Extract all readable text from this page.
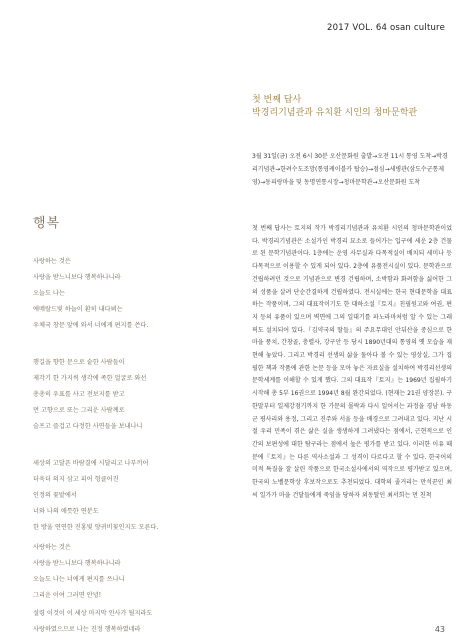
2017 VOL. 64 osan culture
첫 번째 답사
박경리기념관과 유치환 시인의 청마문학관

3월 31일(금) 오전 6시 30분 오산문화원 출발→오전 11시 통영 도착→박경리기념관→한려수도조망(통영케이블카 탑승)→점심→세병관(삼도수군통제영)→동피랑마을 및 동명연통시장→청마문학관→오산문화원 도착

첫 번째 답사는 토지의 작가 박경리기념관과 유치환 시인의 청마문학관이었다. 박경리기념관은 소설가인 박경리 묘소로 들어가는 입구에 세운 2층 건물로 된 문학기념관이다. 1층에는 운영 사무실과 다목적실이 배치되 세미나 등 다목적으로 이용할 수 있게 되어 있다. 2층에 유품전시실이 있다. 문학관으로 건립하려던 것으로 기념관으로 변경 건립하며, 소박함과 화려함을 싫어한 그의 성품을 살려 단순간결하게 건립하였다. 전시실에는 한국 현대문학을 대표하는 작품이며, 그의 대표작이기도 한 대하소설『토지』친필원고와 여권, 편지 등의 유품이 있으며 벽면에 그의 일대기를 파노라마처럼 알 수 있는 그래픽도 설치되어 있다.『김약국의 딸들』의 주요무대인 안뒤산을 중심으로 한 마을 풍치, 간창골, 충렬사, 강구안 등 당시 1890년대의 통영의 옛 모습을 재현해 놓았다. 그리고 박경리 선생의 삶을 돌아다 볼 수 있는 영상실, 그가 집필한 책과 작품에 관한 논문 등을 모아 놓은 자료실을 설치하여 박경리선생의 문학세계를 이해할 수 있게 했다. 그의 대표작『토지』는 1969년 집필하기 시작해 총 5부 16권으로 1994년 8월 완간되었다. (현재는 21권 양장본). 구한말부터 일제강점기까지 한 가문의 몰락과 다시 일어서는 과정을 경남 하동군 평사리와 용정, 그리고 진주와 서울 등을 배경으로 그려내고 있다. 지난 시절 우리 민족이 겪은 삶은 실을 생생하게 그려냈다는 점에서, 근현적으로 인간의 보편성에 대한 탐구라는 점에서 높은 평가를 받고 있다. 이러한 이유 때문에『토지』는 다른 역사소설과 그 성격이 다르다고 할 수 있다. 한국어의 미적 특질을 잘 살린 작품으로 한국소설사에서의 역작으로 평가받고 있으며, 한국의 노벨문학상 후보작으로도 추천되었다. 대학의 졸거리는 만석꾼인 최씨 일가가 마을 건달들에게 죽임을 당하자 외동딸인 최서희는 먼 친척

행복
사랑하는 것은
사랑을 받느니보다 행복하나니라
오늘도 나는
에메랄드빛 하늘이 환히 내다뵈는
우체국 창문 앞에 와서 너에게 편지를 쓴다.
행길을 향한 문으로 숱한 사람들이
제각기 한 가지씩 생각에 족한 얼굴로 와선
총총히 우표를 사고 전보지를 받고
먼 고향으로 또는 그리운 사람께로
슬프고 즐겁고 다정한 사연들을 보내나니
세상의 고달픈 바람결에 시달리고 나부끼어
더욱더 의지 삼고 피어 헝클어진
인정의 꽃밭에서
너와 나의 애틋한 연분도
한 방울 연연한 진홍빛 양귀비꽃인지도 모른다.
사랑하는 것은
사랑을 받느니보다 행복하나니라
오늘도 나는 너에게 편지를 쓰나니
그리운 이여 그러면 안녕!
설령 이것이 이 세상 마지막 인사가 될지라도
사랑하였으므로 나는 진정 행복하였네라	43
